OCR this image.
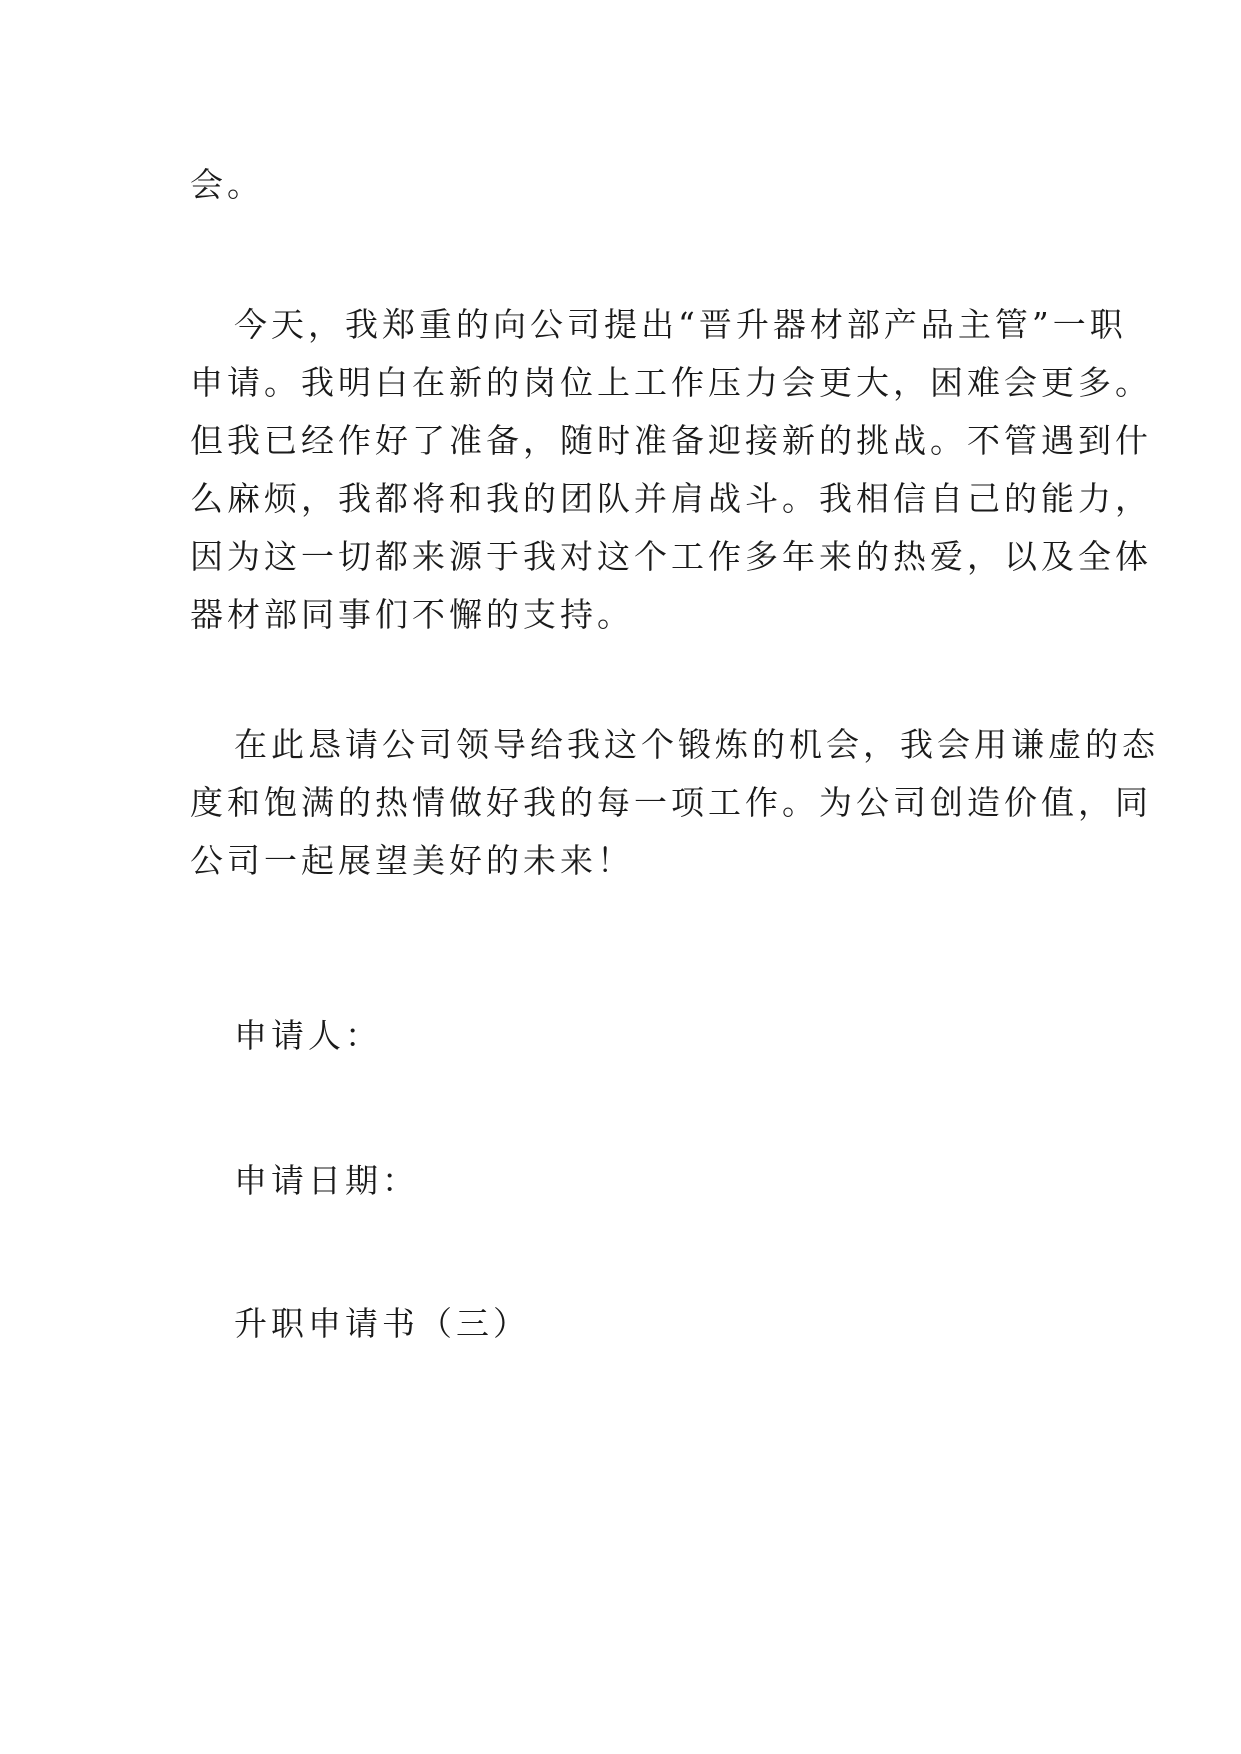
会。

今天，我郑重的向公司提出“晋升器材部产品主管”一职
申请。我明白在新的岗位上工作压力会更大，困难会更多。
但我已经作好了准备，随时准备迎接新的挑战。不管遇到什
么麻烦，我都将和我的团队并肩战斗。我相信自己的能力，
因为这一切都来源于我对这个工作多年来的热爱，以及全体
器材部同事们不懈的支持。

在此恳请公司领导给我这个锻炼的机会，我会用谦虚的态
度和饱满的热情做好我的每一项工作。为公司创造价值，同
公司一起展望美好的未来！

申请人：

申请日期：

升职申请书（三）
